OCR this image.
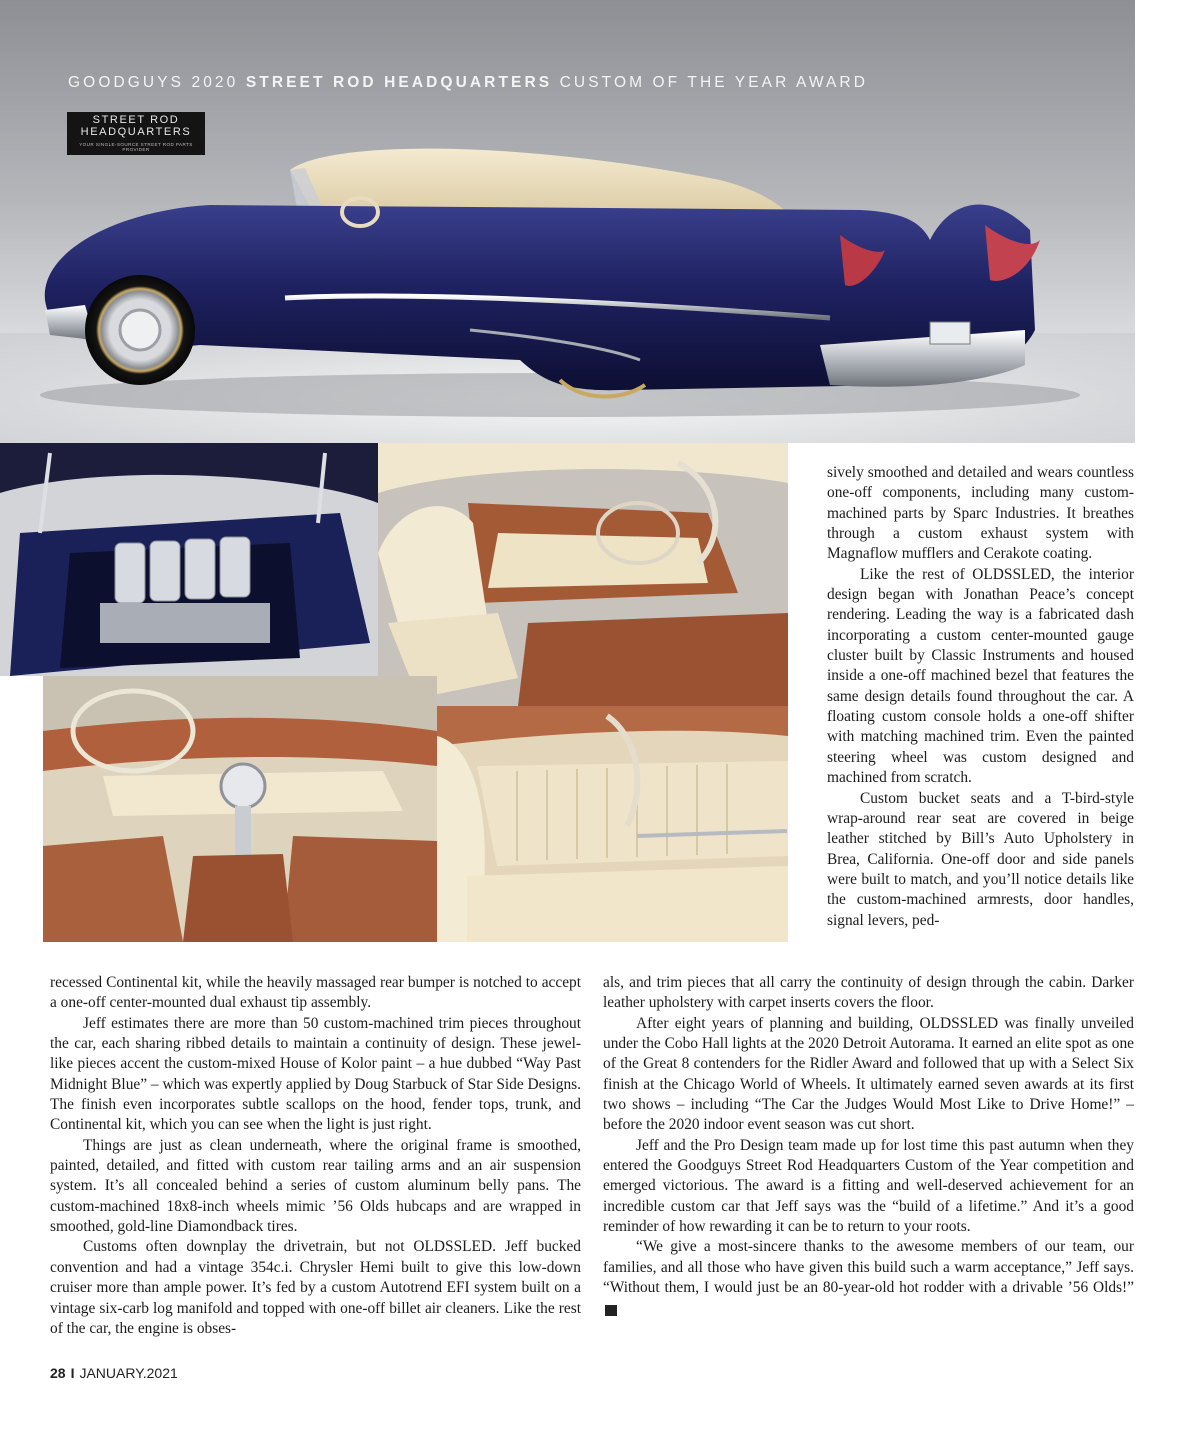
GOODGUYS 2020 STREET ROD HEADQUARTERS CUSTOM OF THE YEAR AWARD
STREET ROD
HEADQUARTERS
YOUR SINGLE-SOURCE STREET ROD PARTS PROVIDER

sively smoothed and detailed and wears countless one-off components, including many custom-machined parts by Sparc Industries. It breathes through a custom exhaust system with Magnaflow mufflers and Cerakote coating.

Like the rest of OLDSSLED, the interior design began with Jonathan Peace’s concept rendering. Leading the way is a fabricated dash incorporating a custom center-mounted gauge cluster built by Classic Instruments and housed inside a one-off machined bezel that features the same design details found throughout the car. A floating custom console holds a one-off shifter with matching machined trim. Even the painted steering wheel was custom designed and machined from scratch.

Custom bucket seats and a T-bird-style wrap-around rear seat are covered in beige leather stitched by Bill’s Auto Upholstery in Brea, California. One-off door and side panels were built to match, and you’ll notice details like the custom-machined armrests, door handles, signal levers, ped-

recessed Continental kit, while the heavily massaged rear bumper is notched to accept a one-off center-mounted dual exhaust tip assembly.

Jeff estimates there are more than 50 custom-machined trim pieces throughout the car, each sharing ribbed details to maintain a continuity of design. These jewel-like pieces accent the custom-mixed House of Kolor paint – a hue dubbed “Way Past Midnight Blue” – which was expertly applied by Doug Starbuck of Star Side Designs. The finish even incorporates subtle scallops on the hood, fender tops, trunk, and Continental kit, which you can see when the light is just right.

Things are just as clean underneath, where the original frame is smoothed, painted, detailed, and fitted with custom rear tailing arms and an air suspension system. It’s all concealed behind a series of custom aluminum belly pans. The custom-machined 18x8-inch wheels mimic ’56 Olds hubcaps and are wrapped in smoothed, gold-line Diamondback tires.

Customs often downplay the drivetrain, but not OLDSSLED. Jeff bucked convention and had a vintage 354c.i. Chrysler Hemi built to give this low-down cruiser more than ample power. It’s fed by a custom Autotrend EFI system built on a vintage six-carb log manifold and topped with one-off billet air cleaners. Like the rest of the car, the engine is obses-

als, and trim pieces that all carry the continuity of design through the cabin. Darker leather upholstery with carpet inserts covers the floor.

After eight years of planning and building, OLDSSLED was finally unveiled under the Cobo Hall lights at the 2020 Detroit Autorama. It earned an elite spot as one of the Great 8 contenders for the Ridler Award and followed that up with a Select Six finish at the Chicago World of Wheels. It ultimately earned seven awards at its first two shows – including “The Car the Judges Would Most Like to Drive Home!” – before the 2020 indoor event season was cut short.

Jeff and the Pro Design team made up for lost time this past autumn when they entered the Goodguys Street Rod Headquarters Custom of the Year competition and emerged victorious. The award is a fitting and well-deserved achievement for an incredible custom car that Jeff says was the “build of a lifetime.” And it’s a good reminder of how rewarding it can be to return to your roots.

“We give a most-sincere thanks to the awesome members of our team, our families, and all those who have given this build such a warm acceptance,” Jeff says. “Without them, I would just be an 80-year-old hot rodder with a drivable ’56 Olds!” GG

28 I JANUARY.2021
